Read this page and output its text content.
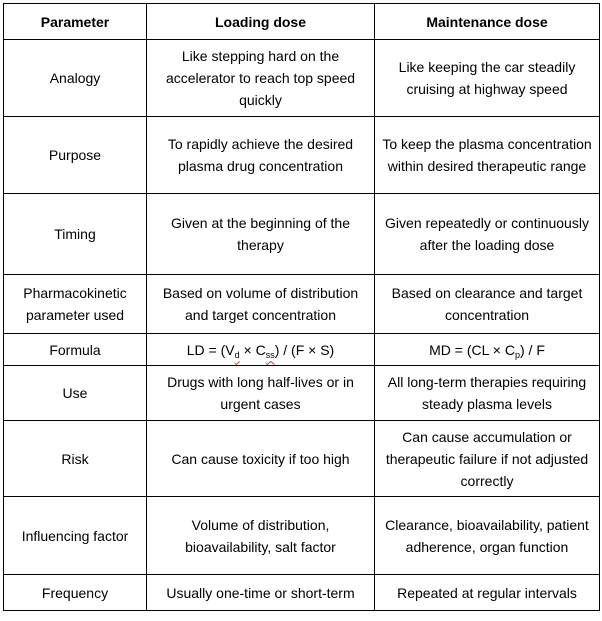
Parameter	Loading dose	Maintenance dose
Analogy	Like stepping hard on the accelerator to reach top speed quickly	Like keeping the car steadily cruising at highway speed
Purpose	To rapidly achieve the desired plasma drug concentration	To keep the plasma concentration within desired therapeutic range
Timing	Given at the beginning of the therapy	Given repeatedly or continuously after the loading dose
Pharmacokinetic parameter used	Based on volume of distribution and target concentration	Based on clearance and target concentration
Formula	LD = $(V_d \times C_{ss}) / (F \times S)$	MD = $(CL \times C_p) / F$
Use	Drugs with long half-lives or in urgent cases	All long-term therapies requiring steady plasma levels
Risk	Can cause toxicity if too high	Can cause accumulation or therapeutic failure if not adjusted correctly
Influencing factor	Volume of distribution, bioavailability, salt factor	Clearance, bioavailability, patient adherence, organ function
Frequency	Usually one-time or short-term	Repeated at regular intervals
